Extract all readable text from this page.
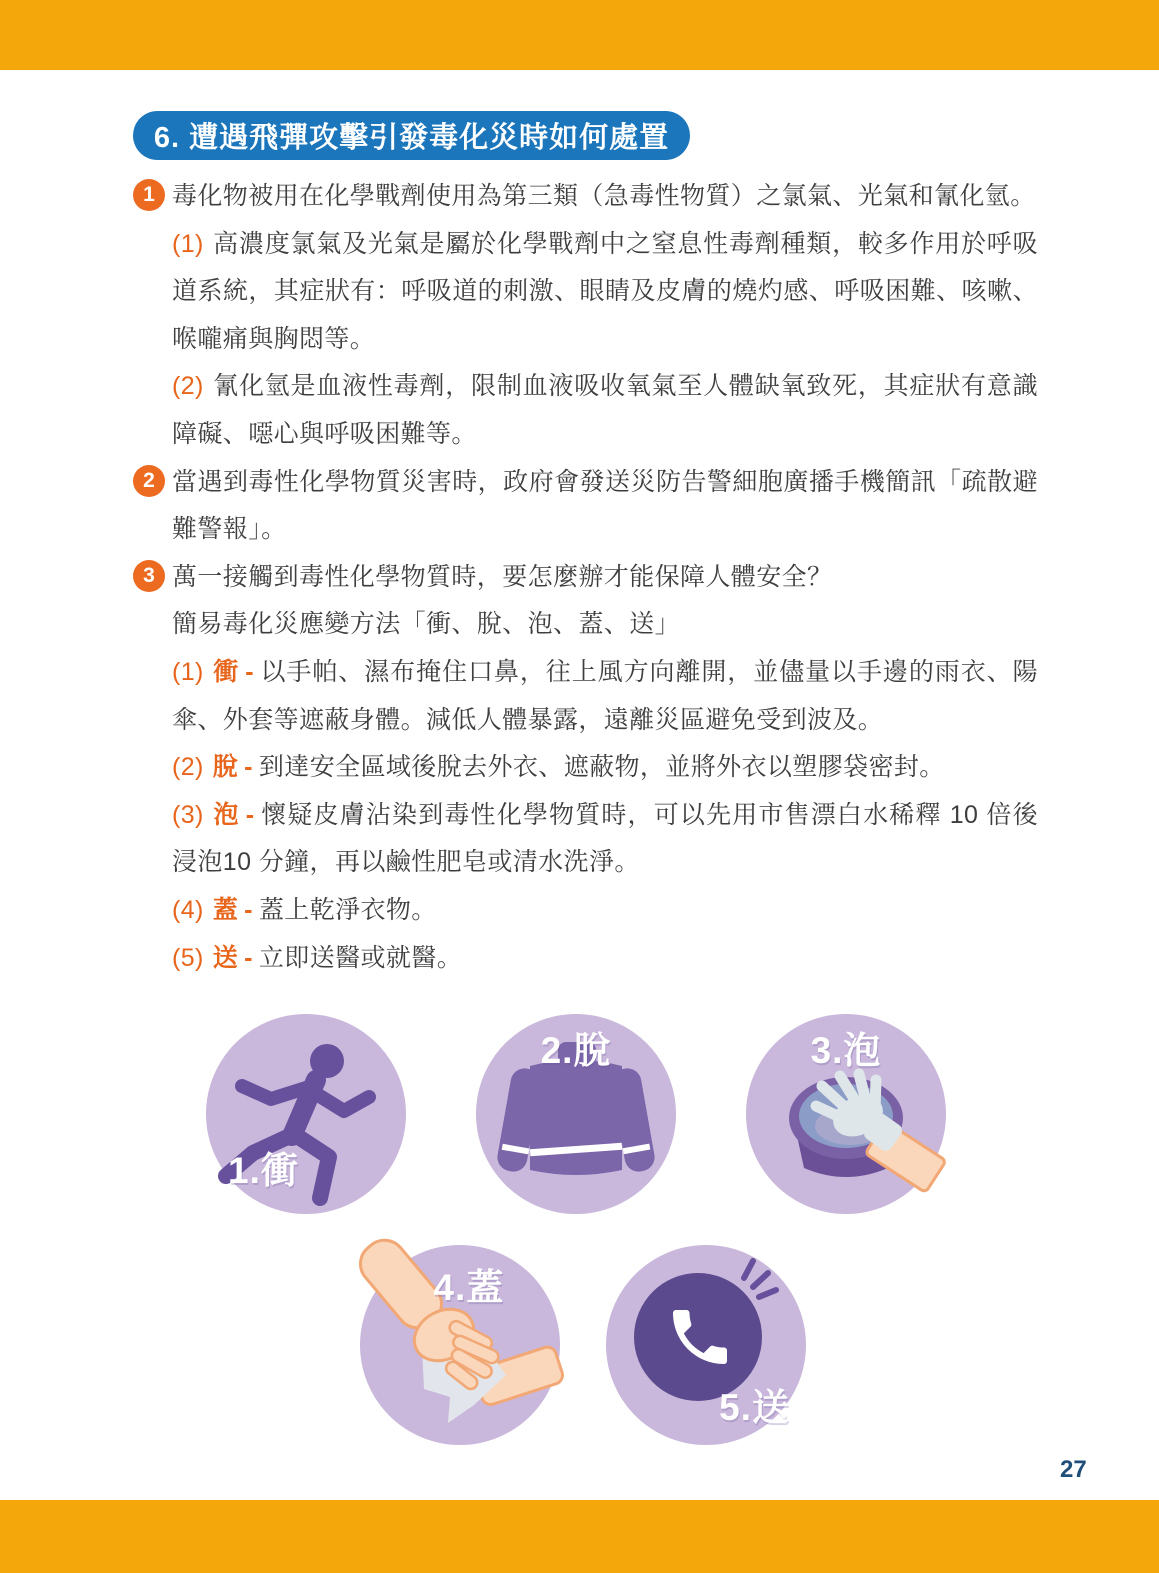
6. 遭遇飛彈攻擊引發毒化災時如何處置
1 毒化物被用在化學戰劑使用為第三類（急毒性物質）之氯氣、光氣和氰化氫。

(1) 高濃度氯氣及光氣是屬於化學戰劑中之窒息性毒劑種類，較多作用於呼吸道系統，其症狀有：呼吸道的刺激、眼睛及皮膚的燒灼感、呼吸困難、咳嗽、喉嚨痛與胸悶等。

(2) 氰化氫是血液性毒劑，限制血液吸收氧氣至人體缺氧致死，其症狀有意識障礙、噁心與呼吸困難等。

2 當遇到毒性化學物質災害時，政府會發送災防告警細胞廣播手機簡訊「疏散避難警報」。
3 萬一接觸到毒性化學物質時，要怎麼辦才能保障人體安全？
簡易毒化災應變方法「衝、脫、泡、蓋、送」

(1) 衝 - 以手帕、濕布掩住口鼻，往上風方向離開，並儘量以手邊的雨衣、陽傘、外套等遮蔽身體。減低人體暴露，遠離災區避免受到波及。

(2) 脫 - 到達安全區域後脫去外衣、遮蔽物，並將外衣以塑膠袋密封。

(3) 泡 - 懷疑皮膚沾染到毒性化學物質時，可以先用市售漂白水稀釋 10 倍後浸泡10 分鐘，再以鹼性肥皂或清水洗淨。

(4) 蓋 - 蓋上乾淨衣物。

(5) 送 - 立即送醫或就醫。

1.衝
2.脫	3.泡
4.蓋
5.送
27
